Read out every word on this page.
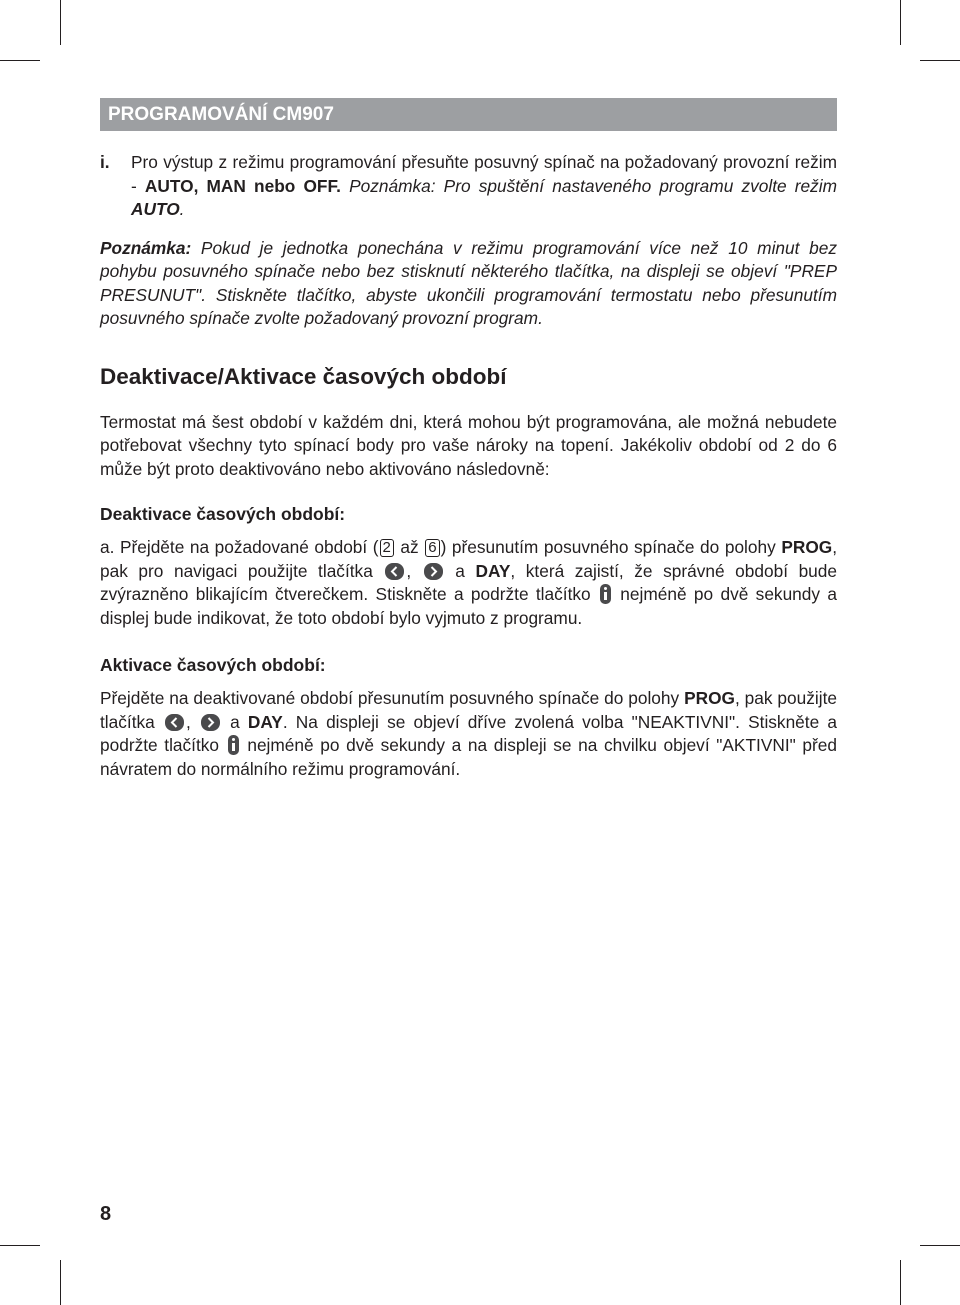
PROGRAMOVÁNÍ CM907

i. Pro výstup z režimu programování přesuňte posuvný spínač na požadovaný provozní režim - AUTO, MAN nebo OFF. Poznámka: Pro spuštění nastaveného programu zvolte režim AUTO.

Poznámka: Pokud je jednotka ponechána v režimu programování více než 10 minut bez pohybu posuvného spínače nebo bez stisknutí některého tlačítka, na displeji se objeví "PREP PRESUNUT". Stiskněte tlačítko, abyste ukončili programování termostatu nebo přesunutím posuvného spínače zvolte požadovaný provozní program.

Deaktivace/Aktivace časových období

Termostat má šest období v každém dni, která mohou být programována, ale možná nebudete potřebovat všechny tyto spínací body pro vaše nároky na topení. Jakékoliv období od 2 do 6 může být proto deaktivováno nebo aktivováno následovně:

Deaktivace časových období:

a. Přejděte na požadované období ( 2 až 6 ) přesunutím posuvného spínače do polohy PROG, pak pro navigaci použijte tlačítka
,
a DAY, která zajistí, že správné období bude zvýrazněno blikajícím čtverečkem. Stiskněte a podržte tlačítko  nejméně po dvě sekundy a displej bude indikovat, že toto období bylo vyjmuto z programu.

Aktivace časových období:

Přejděte na deaktivované období přesunutím posuvného spínače do polohy PROG, pak použijte tlačítka
,
a DAY. Na displeji se objeví dříve zvolená volba "NEAKTIVNI". Stiskněte a podržte tlačítko  nejméně po dvě sekundy a na displeji se na chvilku objeví "AKTIVNI" před návratem do normálního režimu programování.

8
